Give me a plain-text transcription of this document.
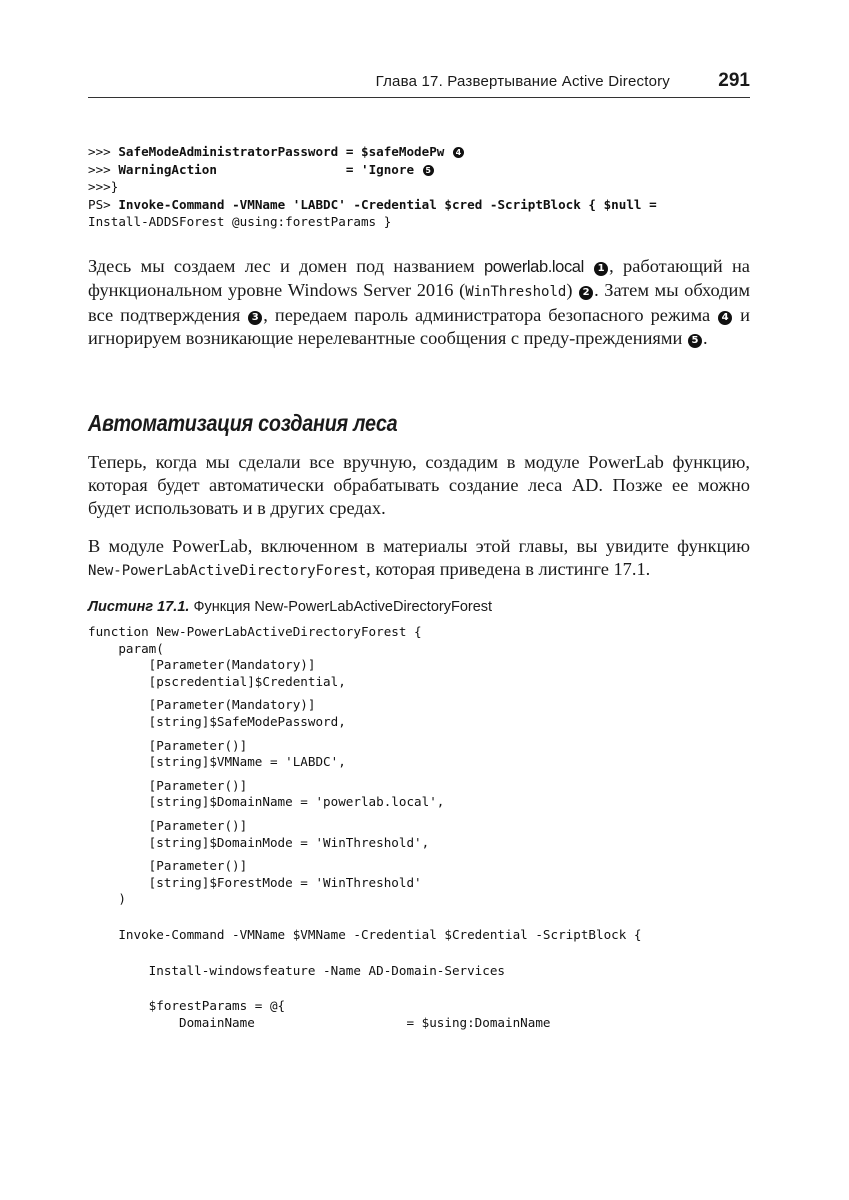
Глава 17. Развертывание Active Directory	291
>>> SafeModeAdministratorPassword = $safeModePw 4
>>> WarningAction                 = 'Ignore 5
>>>}
PS> Invoke-Command -VMName 'LABDC' -Credential $cred -ScriptBlock { $null =
Install-ADDSForest @using:forestParams }

Здесь мы создаем лес и домен под названием powerlab.local 1 , работающий на функциональном уровне Windows Server 2016 (WinThreshold) 2 . Затем мы обходим все подтверждения 3 , передаем пароль администратора безопасного режима 4 и игнорируем возникающие нерелевантные сообщения с преду-преждениями 5 .

Автоматизация создания леса

Теперь, когда мы сделали все вручную, создадим в модуле PowerLab функцию, которая будет автоматически обрабатывать создание леса AD. Позже ее можно будет использовать и в других средах.

В модуле PowerLab, включенном в материалы этой главы, вы увидите функцию New-PowerLabActiveDirectoryForest, которая приведена в листинге 17.1.

Листинг 17.1. Функция New-PowerLabActiveDirectoryForest

function New-PowerLabActiveDirectoryForest {
param(
[Parameter(Mandatory)]
[pscredential]$Credential,
[Parameter(Mandatory)]
[string]$SafeModePassword,
[Parameter()]
[string]$VMName = 'LABDC',
[Parameter()]
[string]$DomainName = 'powerlab.local',
[Parameter()]
[string]$DomainMode = 'WinThreshold',
[Parameter()]
[string]$ForestMode = 'WinThreshold'
)
Invoke-Command -VMName $VMName -Credential $Credential -ScriptBlock {
Install-windowsfeature -Name AD-Domain-Services
$forestParams = @{
DomainName                    = $using:DomainName
